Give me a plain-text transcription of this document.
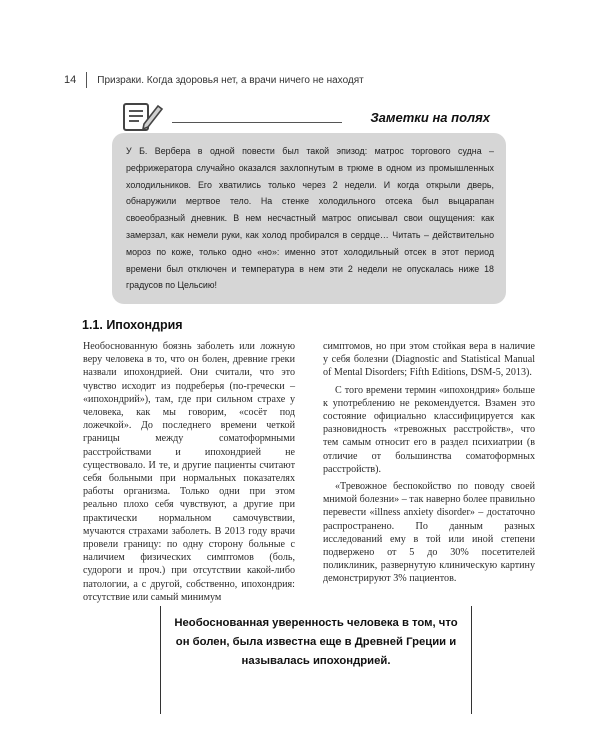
14 Призраки. Когда здоровья нет, а врачи ничего не находят
Заметки на полях
У Б. Вербера в одной повести был такой эпизод: матрос торгового судна – рефрижератора случайно оказался захлопнутым в трюме в одном из промышленных холодильников. Его хватились только через 2 недели. И когда открыли дверь, обнаружили мертвое тело. На стенке холодильного отсека был выцарапан своеобразный дневник. В нем несчастный матрос описывал свои ощущения: как замерзал, как немели руки, как холод пробирался в сердце… Читать – действительно мороз по коже, только одно «но»: именно этот холодильный отсек в этот период времени был отключен и температура в нем эти 2 недели не опускалась ниже 18 градусов по Цельсию!
1.1. Ипохондрия

Необоснованную боязнь заболеть или ложную веру человека в то, что он болен, древние греки назвали ипохондрией. Они считали, что это чувство исходит из подреберья (по-гречески – «ипохондрий»), там, где при сильном страхе у человека, как мы говорим, «сосёт под ложечкой». До последнего времени четкой границы между соматоформными расстройствами и ипохондрией не существовало. И те, и другие пациенты считают себя больными при нормальных показателях работы организма. Только одни при этом реально плохо себя чувствуют, а другие при практически нормальном самочувствии, мучаются страхами заболеть. В 2013 году врачи провели границу: по одну сторону больные с наличием физических симптомов (боль, судороги и проч.) при отсутствии какой-либо патологии, а с другой, собственно, ипохондрия: отсутствие или самый минимум

симптомов, но при этом стойкая вера в наличие у себя болезни (Diagnostic and Statistical Manual of Mental Disorders; Fifth Editions, DSM-5, 2013).

С того времени термин «ипохондрия» больше к употреблению не рекомендуется. Взамен это состояние официально классифицируется как разновидность «тревожных расстройств», что тем самым относит его в раздел психиатрии (в отличие от большинства соматоформных расстройств).

«Тревожное беспокойство по поводу своей мнимой болезни» – так наверно более правильно перевести «illness anxiety disorder» – достаточно распространено. По данным разных исследований ему в той или иной степени подвержено от 5 до 30% посетителей поликлиник, развернутую клиническую картину демонстрируют 3% пациентов.

Необоснованная уверенность человека в том, что он болен, была известна еще в Древней Греции и называлась ипохондрией.
